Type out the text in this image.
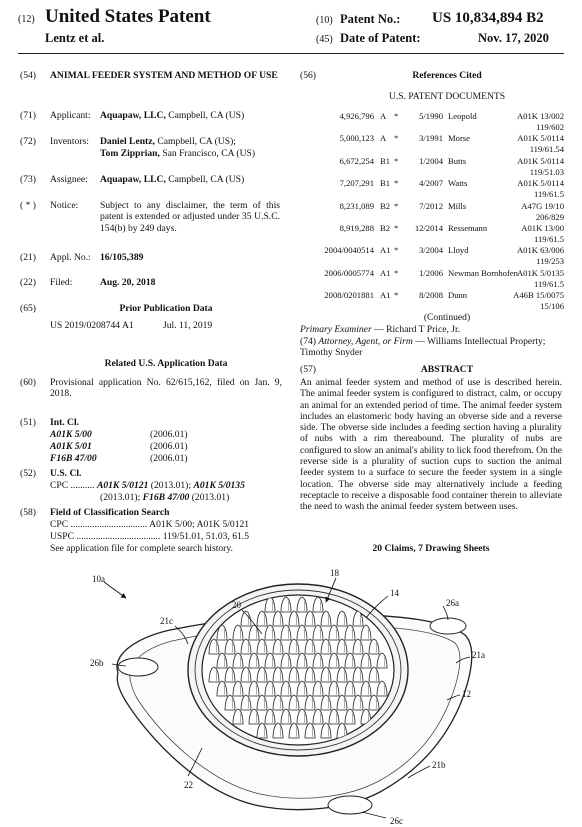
(12) United States Patent
Lentz et al.
(10) Patent No.: US 10,834,894 B2
(45) Date of Patent:	Nov. 17, 2020
(54)	ANIMAL FEEDER SYSTEM AND METHOD OF USE
(71)	Applicant: Aquapaw, LLC, Campbell, CA (US)
(72)	Inventors: Daniel Lentz, Campbell, CA (US);
Tom Zipprian, San Francisco, CA (US)
(73)	Assignee: Aquapaw, LLC, Campbell, CA (US)
( * )	Notice: Subject to any disclaimer, the term of this patent is extended or adjusted under 35 U.S.C. 154(b) by 249 days.
(21)	Appl. No.: 16/105,389
(22)	Filed:	Aug. 20, 2018
(65)	Prior Publication Data
US 2019/0208744 A1	Jul. 11, 2019
Related U.S. Application Data
(60)	Provisional application No. 62/615,162, filed on Jan. 9, 2018.
(51)	Int. Cl.
A01K 5/00	(2006.01)
A01K 5/01	(2006.01)
F16B 47/00	(2006.01)
(52)	U.S. Cl.
CPC .......... A01K 5/0121 (2013.01); A01K 5/0135
(2013.01); F16B 47/00 (2013.01)
(58)	Field of Classification Search
CPC ................................ A01K 5/00; A01K 5/0121
USPC ................................... 119/51.01, 51.03, 61.5
See application file for complete search history.
(56)	References Cited
U.S. PATENT DOCUMENTS
4,926,796 A * 5/1990 Leopold	A01K 13/002
119/602
5,000,123 A * 3/1991 Morse	A01K 5/0114
119/61.54
6,672,254 B1 * 1/2004 Butts	A01K 5/0114
119/51.03
7,207,291 B1 * 4/2007 Watts	A01K 5/0114
119/61.5
8,231,089 B2 * 7/2012 Mills	A47G 19/10
206/829
8,919,288 B2 * 12/2014 Ressemann	A01K 13/00
119/61.5
2004/0040514 A1 * 3/2004 Lloyd	A01K 63/006
119/253
2006/0005774 A1 * 1/2006 Newman Bornhofen A01K 5/0135
119/61.5
2008/0201881 A1 * 8/2008 Dunn	A46B 15/0075
15/106
(Continued)
Primary Examiner — Richard T Price, Jr.
(74) Attorney, Agent, or Firm — Williams Intellectual Property; Timothy Snyder
(57)	ABSTRACT
An animal feeder system and method of use is described herein. The animal feeder system is configured to distract, calm, or occupy an animal for an extended period of time. The animal feeder system includes an elastomeric body having an obverse side and a reverse side. The obverse side includes a feeding section having a plurality of nubs with a rim thereabound. The plurality of nubs are configured to slow an animal's ability to lick food therefrom. On the reverse side is a plurality of suction cups to suction the animal feeder system to a surface to secure the feeder system in a single location. The obverse side may alternatively include a feeding receptacle to receive a disposable food container therein to alleviate the need to wash the animal feeder system between uses.
20 Claims, 7 Drawing Sheets
10a
18
14
20
21c
26a
26b
21a
12
22
21b
26c
